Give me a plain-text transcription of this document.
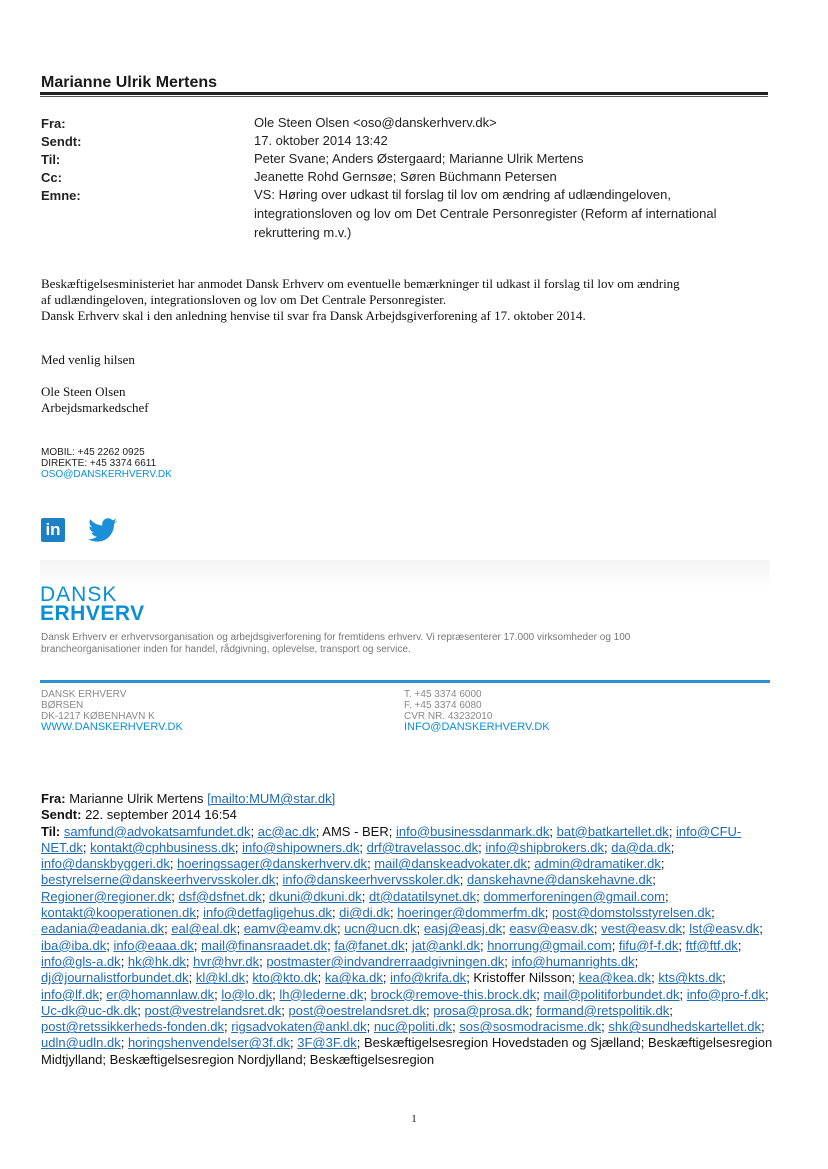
Marianne Ulrik Mertens
Fra:	Ole Steen Olsen <oso@danskerhverv.dk>
Sendt:	17. oktober 2014 13:42
Til:	Peter Svane; Anders Østergaard; Marianne Ulrik Mertens
Cc:	Jeanette Rohd Gernsøe; Søren Büchmann Petersen
Emne:	VS: Høring over udkast til forslag til lov om ændring af udlændingeloven,
integrationsloven og lov om Det Centrale Personregister (Reform af international
rekruttering m.v.)
Beskæftigelsesministeriet har anmodet Dansk Erhverv om eventuelle bemærkninger til udkast il forslag til lov om ændring
af udlændingeloven, integrationsloven og lov om Det Centrale Personregister.
Dansk Erhverv skal i den anledning henvise til svar fra Dansk Arbejdsgiverforening af 17. oktober 2014.
Med venlig hilsen
Ole Steen Olsen
Arbejdsmarkedschef
MOBIL: +45 2262 0925
DIREKTE: +45 3374 6611
OSO@DANSKERHVERV.DK
in
DANSK
ERHVERV
Dansk Erhverv er erhvervsorganisation og arbejdsgiverforening for fremtidens erhverv. Vi repræsenterer 17.000 virksomheder og 100
brancheorganisationer inden for handel, rådgivning, oplevelse, transport og service.
DANSK ERHVERV
BØRSEN
DK-1217 KØBENHAVN K
WWW.DANSKERHVERV.DK
T. +45 3374 6000
F. +45 3374 6080
CVR NR. 43232010
INFO@DANSKERHVERV.DK
Fra: Marianne Ulrik Mertens [mailto:MUM@star.dk]
Sendt: 22. september 2014 16:54
Til: samfund@advokatsamfundet.dk; ac@ac.dk; AMS - BER; info@businessdanmark.dk; bat@batkartellet.dk; info@CFU-NET.dk; kontakt@cphbusiness.dk; info@shipowners.dk; drf@travelassoc.dk; info@shipbrokers.dk; da@da.dk; info@danskbyggeri.dk; hoeringssager@danskerhverv.dk; mail@danskeadvokater.dk; admin@dramatiker.dk; bestyrelserne@danskeerhvervsskoler.dk; info@danskeerhvervsskoler.dk; danskehavne@danskehavne.dk; Regioner@regioner.dk; dsf@dsfnet.dk; dkuni@dkuni.dk; dt@datatilsynet.dk; dommerforeningen@gmail.com; kontakt@kooperationen.dk; info@detfagligehus.dk; di@di.dk; hoeringer@dommerfm.dk; post@domstolsstyrelsen.dk; eadania@eadania.dk; eal@eal.dk; eamv@eamv.dk; ucn@ucn.dk; easj@easj.dk; easv@easv.dk; vest@easv.dk; lst@easv.dk; iba@iba.dk; info@eaaa.dk; mail@finansraadet.dk; fa@fanet.dk; jat@ankl.dk; hnorrung@gmail.com; fifu@f-f.dk; ftf@ftf.dk; info@gls-a.dk; hk@hk.dk; hvr@hvr.dk; postmaster@indvandrerraadgivningen.dk; info@humanrights.dk; dj@journalistforbundet.dk; kl@kl.dk; kto@kto.dk; ka@ka.dk; info@krifa.dk; Kristoffer Nilsson; kea@kea.dk; kts@kts.dk; info@lf.dk; er@homannlaw.dk; lo@lo.dk; lh@lederne.dk; brock@remove-this.brock.dk; mail@politiforbundet.dk; info@pro-f.dk; Uc-dk@uc-dk.dk; post@vestrelandsret.dk; post@oestrelandsret.dk; prosa@prosa.dk; formand@retspolitik.dk; post@retssikkerheds-fonden.dk; rigsadvokaten@ankl.dk; nuc@politi.dk; sos@sosmodracisme.dk; shk@sundhedskartellet.dk; udln@udln.dk; horingshenvendelser@3f.dk; 3F@3F.dk; Beskæftigelsesregion Hovedstaden og Sjælland; Beskæftigelsesregion Midtjylland; Beskæftigelsesregion Nordjylland; Beskæftigelsesregion
1
